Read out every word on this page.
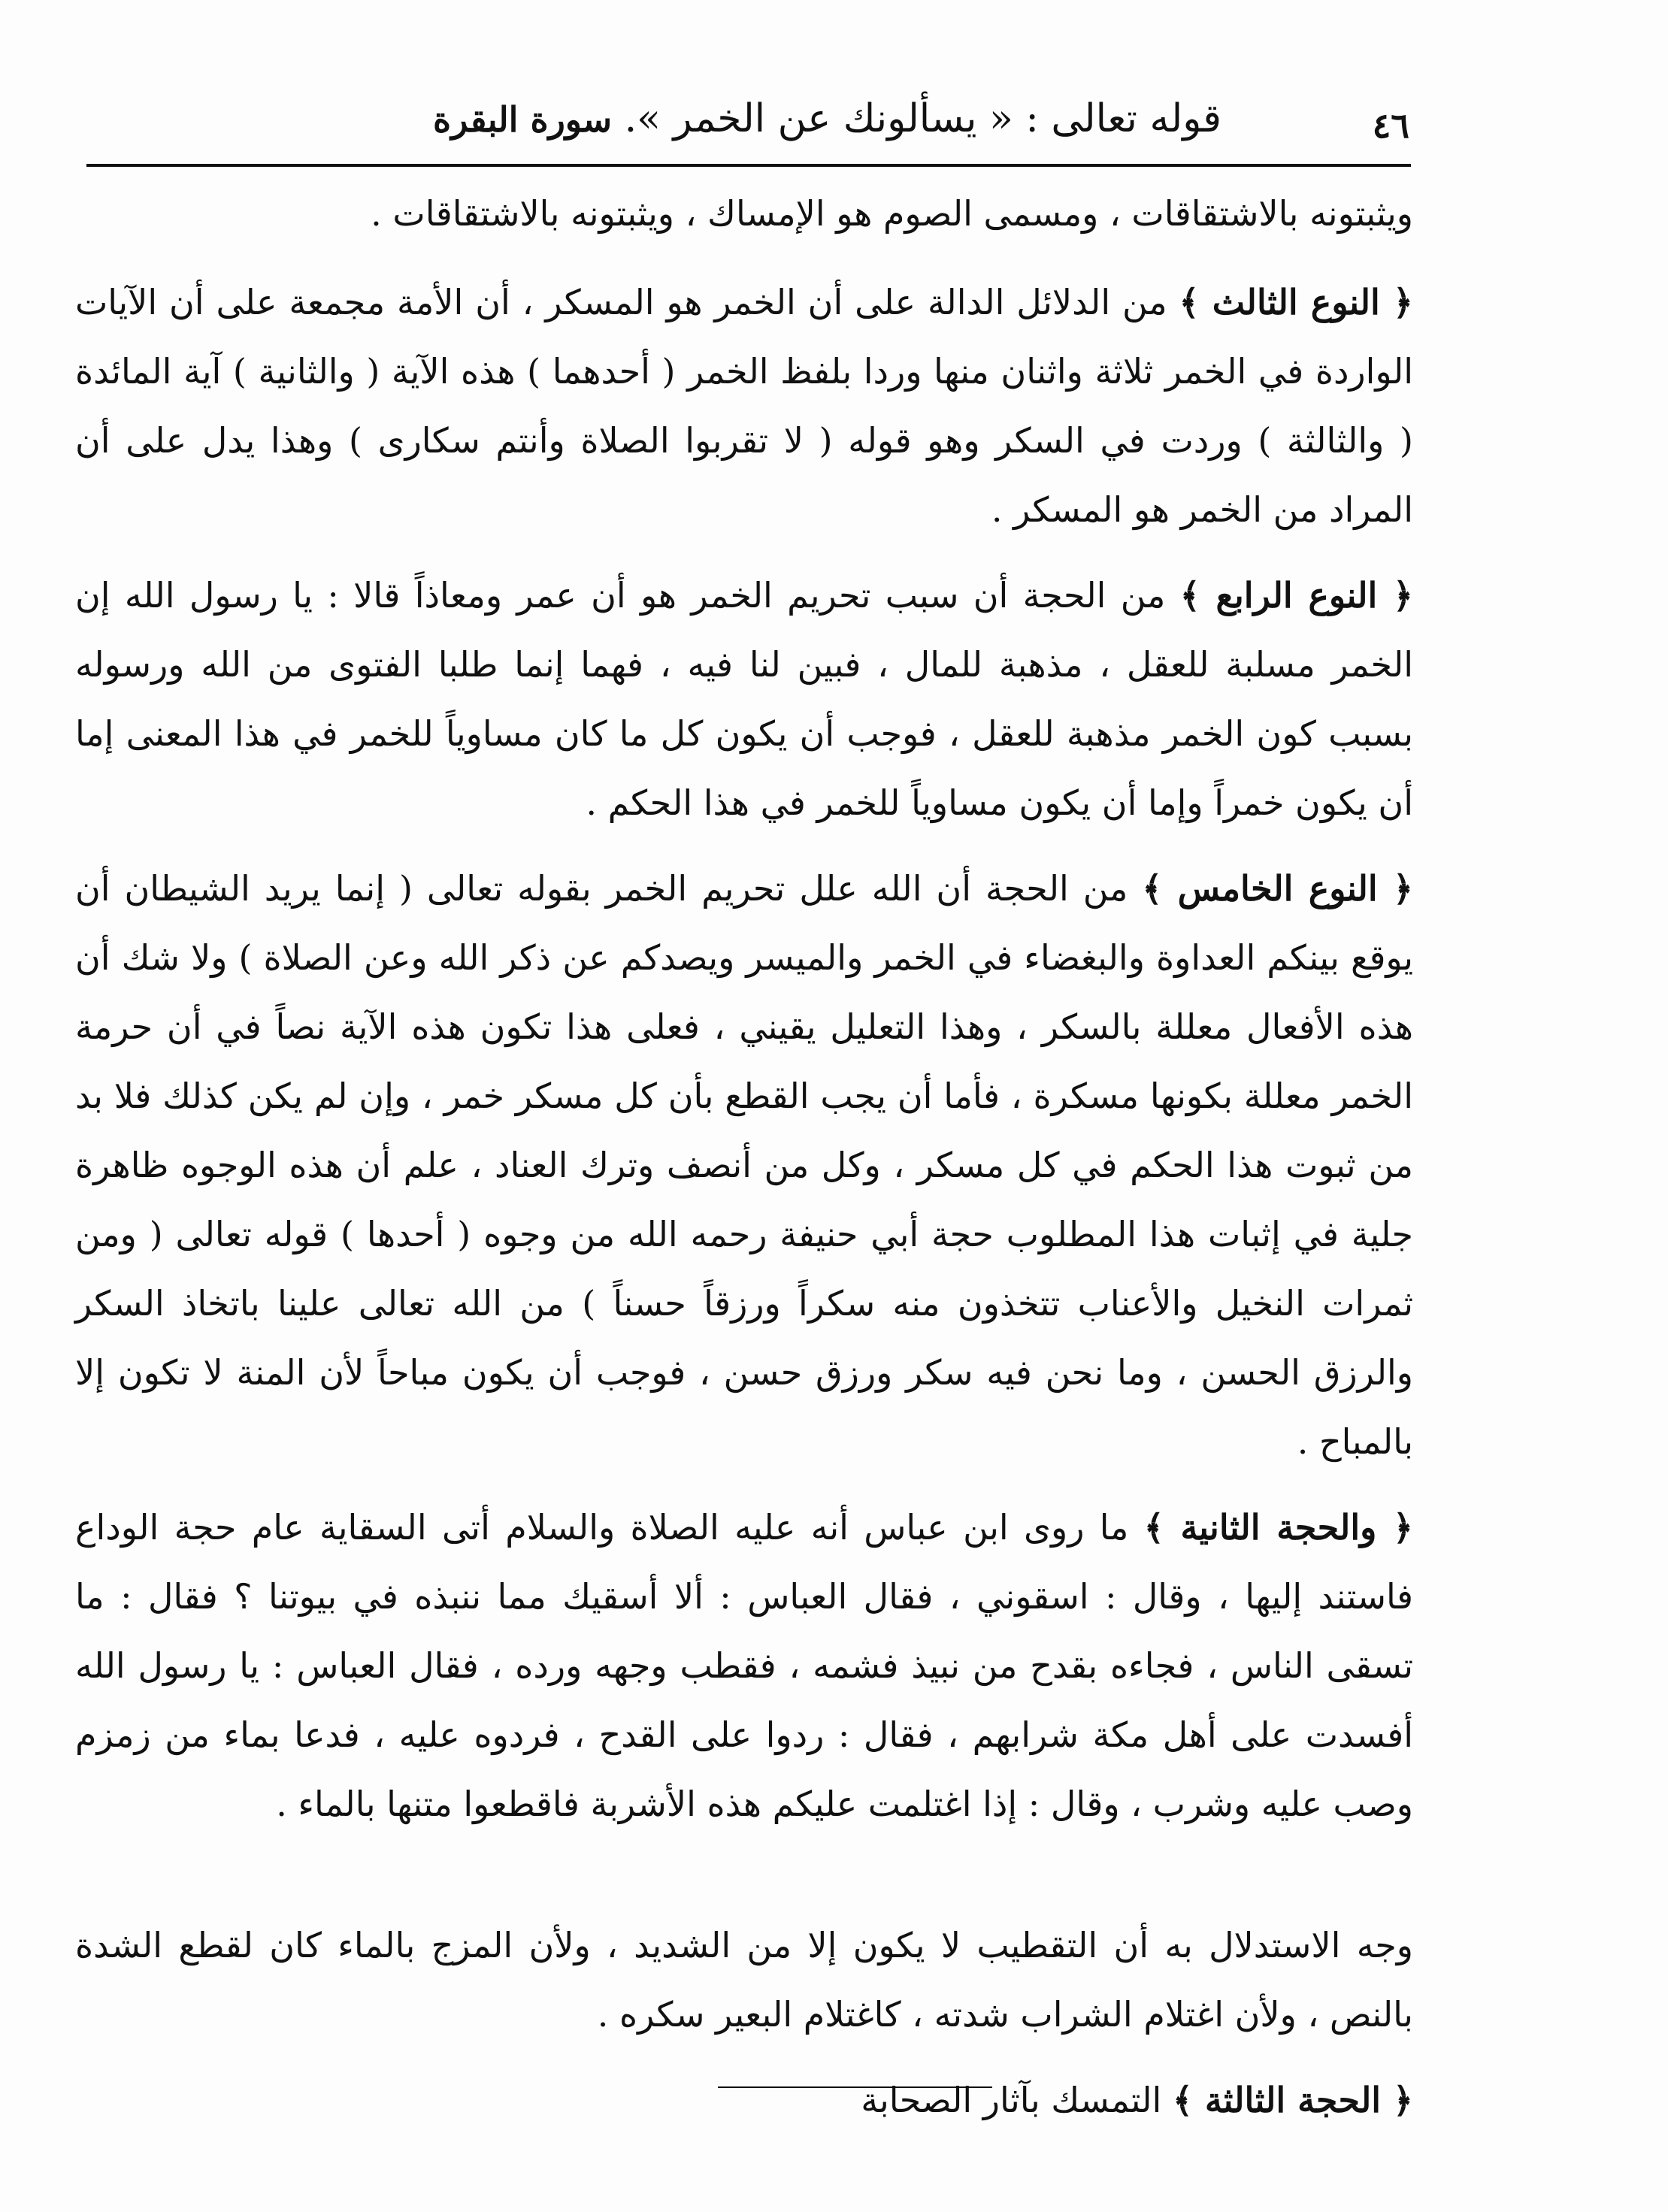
٤٦
قوله تعالى : « يسألونك عن الخمر ». سورة البقرة

ويثبتونه بالاشتقاقات ، ومسمى الصوم هو الإمساك ، ويثبتونه بالاشتقاقات .

﴿ النوع الثالث ﴾ من الدلائل الدالة على أن الخمر هو المسكر ، أن الأمة مجمعة على أن الآيات الواردة في الخمر ثلاثة واثنان منها وردا بلفظ الخمر ( أحدهما ) هذه الآية ( والثانية ) آية المائدة ( والثالثة ) وردت في السكر وهو قوله ( لا تقربوا الصلاة وأنتم سكارى ) وهذا يدل على أن المراد من الخمر هو المسكر .

﴿ النوع الرابع ﴾ من الحجة أن سبب تحريم الخمر هو أن عمر ومعاذاً قالا : يا رسول الله إن الخمر مسلبة للعقل ، مذهبة للمال ، فبين لنا فيه ، فهما إنما طلبا الفتوى من الله ورسوله بسبب كون الخمر مذهبة للعقل ، فوجب أن يكون كل ما كان مساوياً للخمر في هذا المعنى إما أن يكون خمراً وإما أن يكون مساوياً للخمر في هذا الحكم .

﴿ النوع الخامس ﴾ من الحجة أن الله علل تحريم الخمر بقوله تعالى ( إنما يريد الشيطان أن يوقع بينكم العداوة والبغضاء في الخمر والميسر ويصدكم عن ذكر الله وعن الصلاة ) ولا شك أن هذه الأفعال معللة بالسكر ، وهذا التعليل يقيني ، فعلى هذا تكون هذه الآية نصاً في أن حرمة الخمر معللة بكونها مسكرة ، فأما أن يجب القطع بأن كل مسكر خمر ، وإن لم يكن كذلك فلا بد من ثبوت هذا الحكم في كل مسكر ، وكل من أنصف وترك العناد ، علم أن هذه الوجوه ظاهرة جلية في إثبات هذا المطلوب حجة أبي حنيفة رحمه الله من وجوه ( أحدها ) قوله تعالى ( ومن ثمرات النخيل والأعناب تتخذون منه سكراً ورزقاً حسناً ) من الله تعالى علينا باتخاذ السكر والرزق الحسن ، وما نحن فيه سكر ورزق حسن ، فوجب أن يكون مباحاً لأن المنة لا تكون إلا بالمباح .

﴿ والحجة الثانية ﴾ ما روى ابن عباس أنه عليه الصلاة والسلام أتى السقاية عام حجة الوداع فاستند إليها ، وقال : اسقوني ، فقال العباس : ألا أسقيك مما ننبذه في بيوتنا ؟ فقال : ما تسقى الناس ، فجاءه بقدح من نبيذ فشمه ، فقطب وجهه ورده ، فقال العباس : يا رسول الله أفسدت على أهل مكة شرابهم ، فقال : ردوا على القدح ، فردوه عليه ، فدعا بماء من زمزم وصب عليه وشرب ، وقال : إذا اغتلمت عليكم هذه الأشربة فاقطعوا متنها بالماء .

وجه الاستدلال به أن التقطيب لا يكون إلا من الشديد ، ولأن المزج بالماء كان لقطع الشدة بالنص ، ولأن اغتلام الشراب شدته ، كاغتلام البعير سكره .

﴿ الحجة الثالثة ﴾ التمسك بآثار الصحابة
